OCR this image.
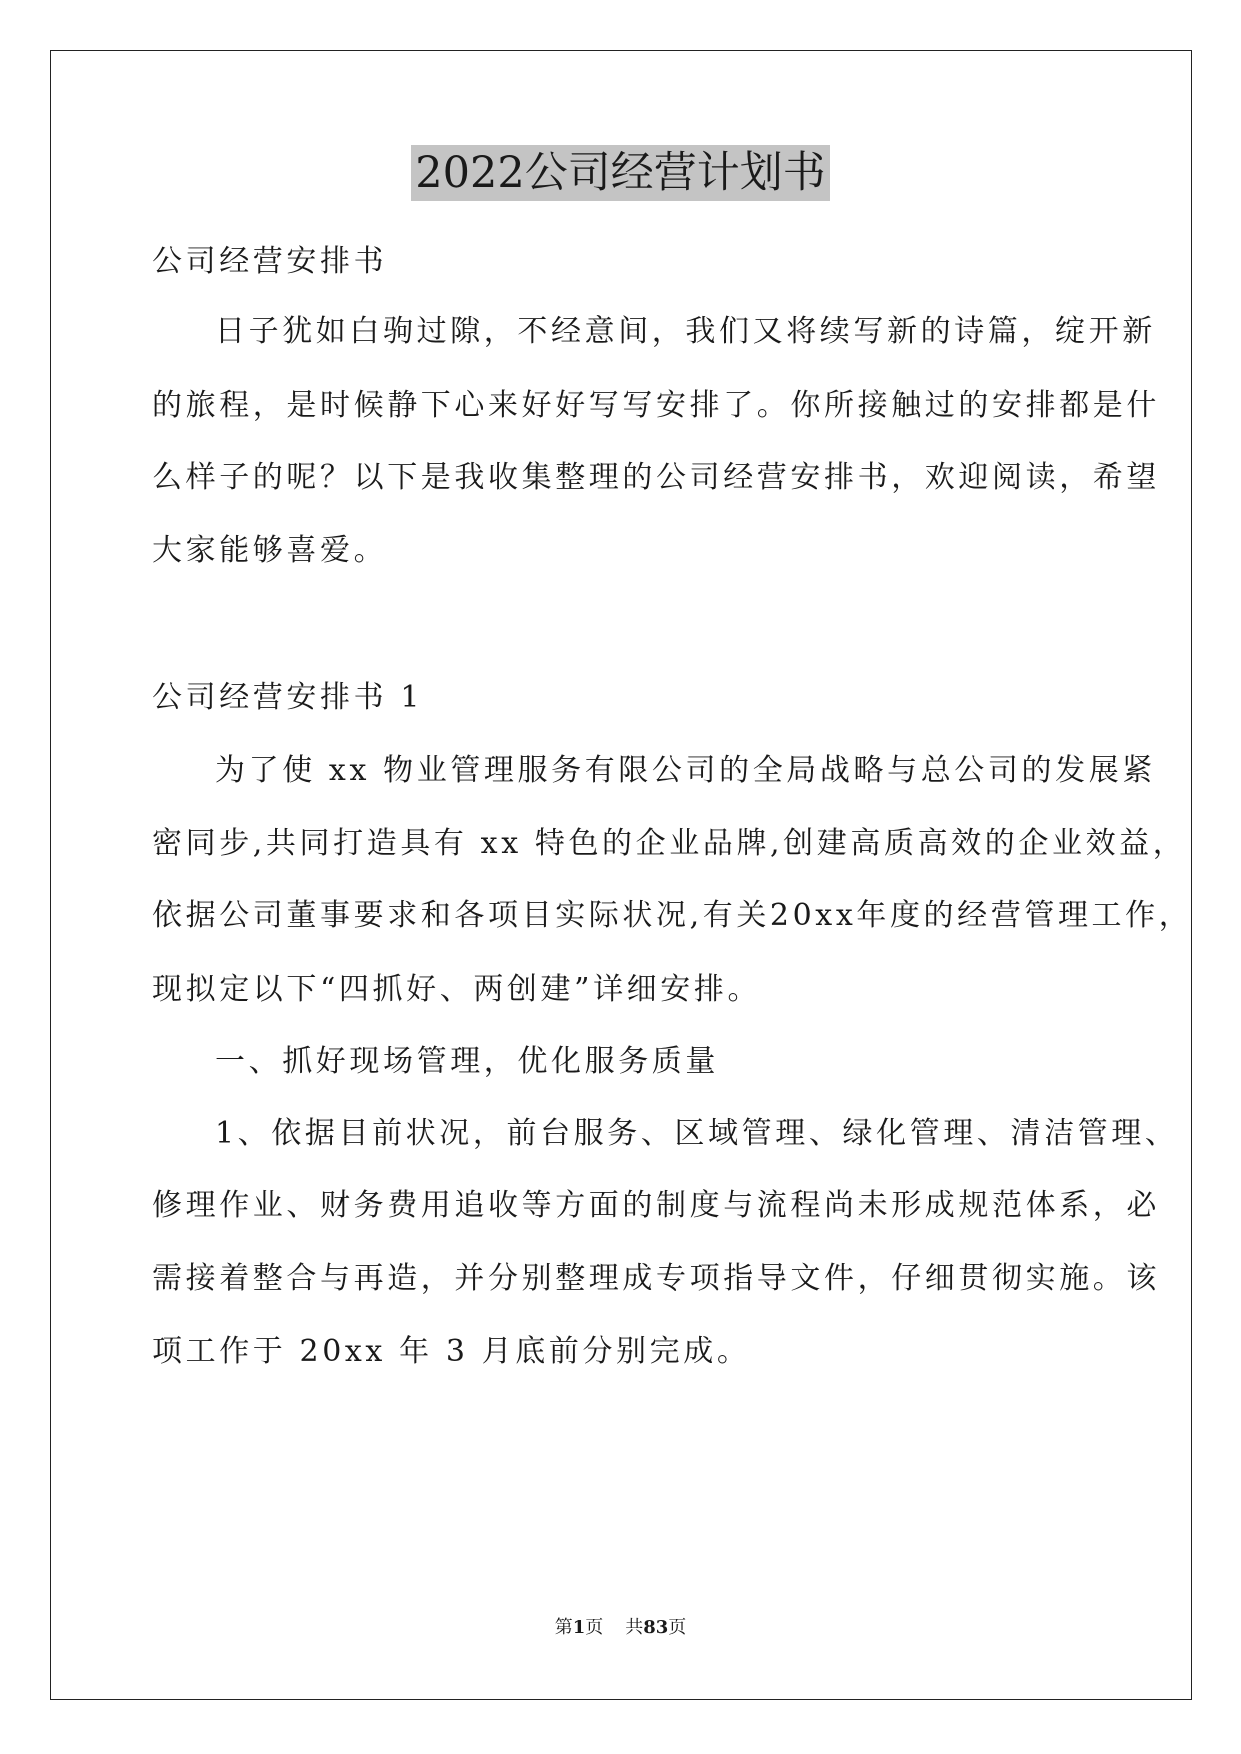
2022公司经营计划书

公司经营安排书

日子犹如白驹过隙，不经意间，我们又将续写新的诗篇，绽开新

的旅程，是时候静下心来好好写写安排了。你所接触过的安排都是什

么样子的呢？以下是我收集整理的公司经营安排书，欢迎阅读，希望

大家能够喜爱。

公司经营安排书 1

为了使 xx 物业管理服务有限公司的全局战略与总公司的发展紧

密同步,共同打造具有 xx 特色的企业品牌,创建高质高效的企业效益，

依据公司董事要求和各项目实际状况,有关20xx年度的经营管理工作，

现拟定以下“四抓好、两创建”详细安排。

一、抓好现场管理，优化服务质量

1、依据目前状况，前台服务、区域管理、绿化管理、清洁管理、

修理作业、财务费用追收等方面的制度与流程尚未形成规范体系，必

需接着整合与再造，并分别整理成专项指导文件，仔细贯彻实施。该

项工作于 20xx 年 3 月底前分别完成。

第1页 共83页
